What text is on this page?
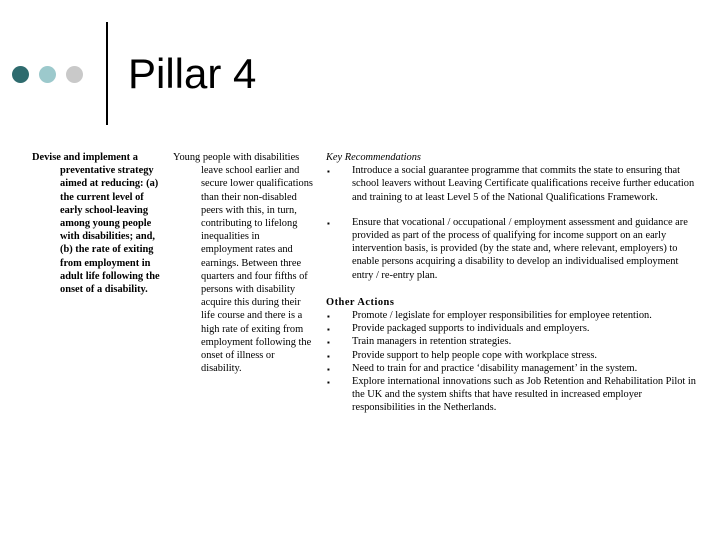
Pillar 4
Devise and implement a preventative strategy aimed at reducing: (a) the current level of early school-leaving among young people with disabilities; and, (b) the rate of exiting from employment in adult life following the onset of a disability.
Young people with disabilities leave school earlier and secure lower qualifications than their non-disabled peers with this, in turn, contributing to lifelong inequalities in employment rates and earnings. Between three quarters and four fifths of persons with disability acquire this during their life course and there is a high rate of exiting from employment following the onset of illness or disability.

Key Recommendations

▪ Introduce a social guarantee programme that commits the state to ensuring that school leavers without Leaving Certificate qualifications receive further education and training to at least Level 5 of the National Qualifications Framework.
▪ Ensure that vocational / occupational / employment assessment and guidance are provided as part of the process of qualifying for income support on an early intervention basis, is provided (by the state and, where relevant, employers) to enable persons acquiring a disability to develop an individualised employment entry / re-entry plan.

Other Actions

▪ Promote / legislate for employer responsibilities for employee retention.
▪ Provide packaged supports to individuals and employers.
▪ Train managers in retention strategies.
▪ Provide support to help people cope with workplace stress.
▪ Need to train for and practice ‘disability management’ in the system.
▪ Explore international innovations such as Job Retention and Rehabilitation Pilot in the UK and the system shifts that have resulted in increased employer responsibilities in the Netherlands.
